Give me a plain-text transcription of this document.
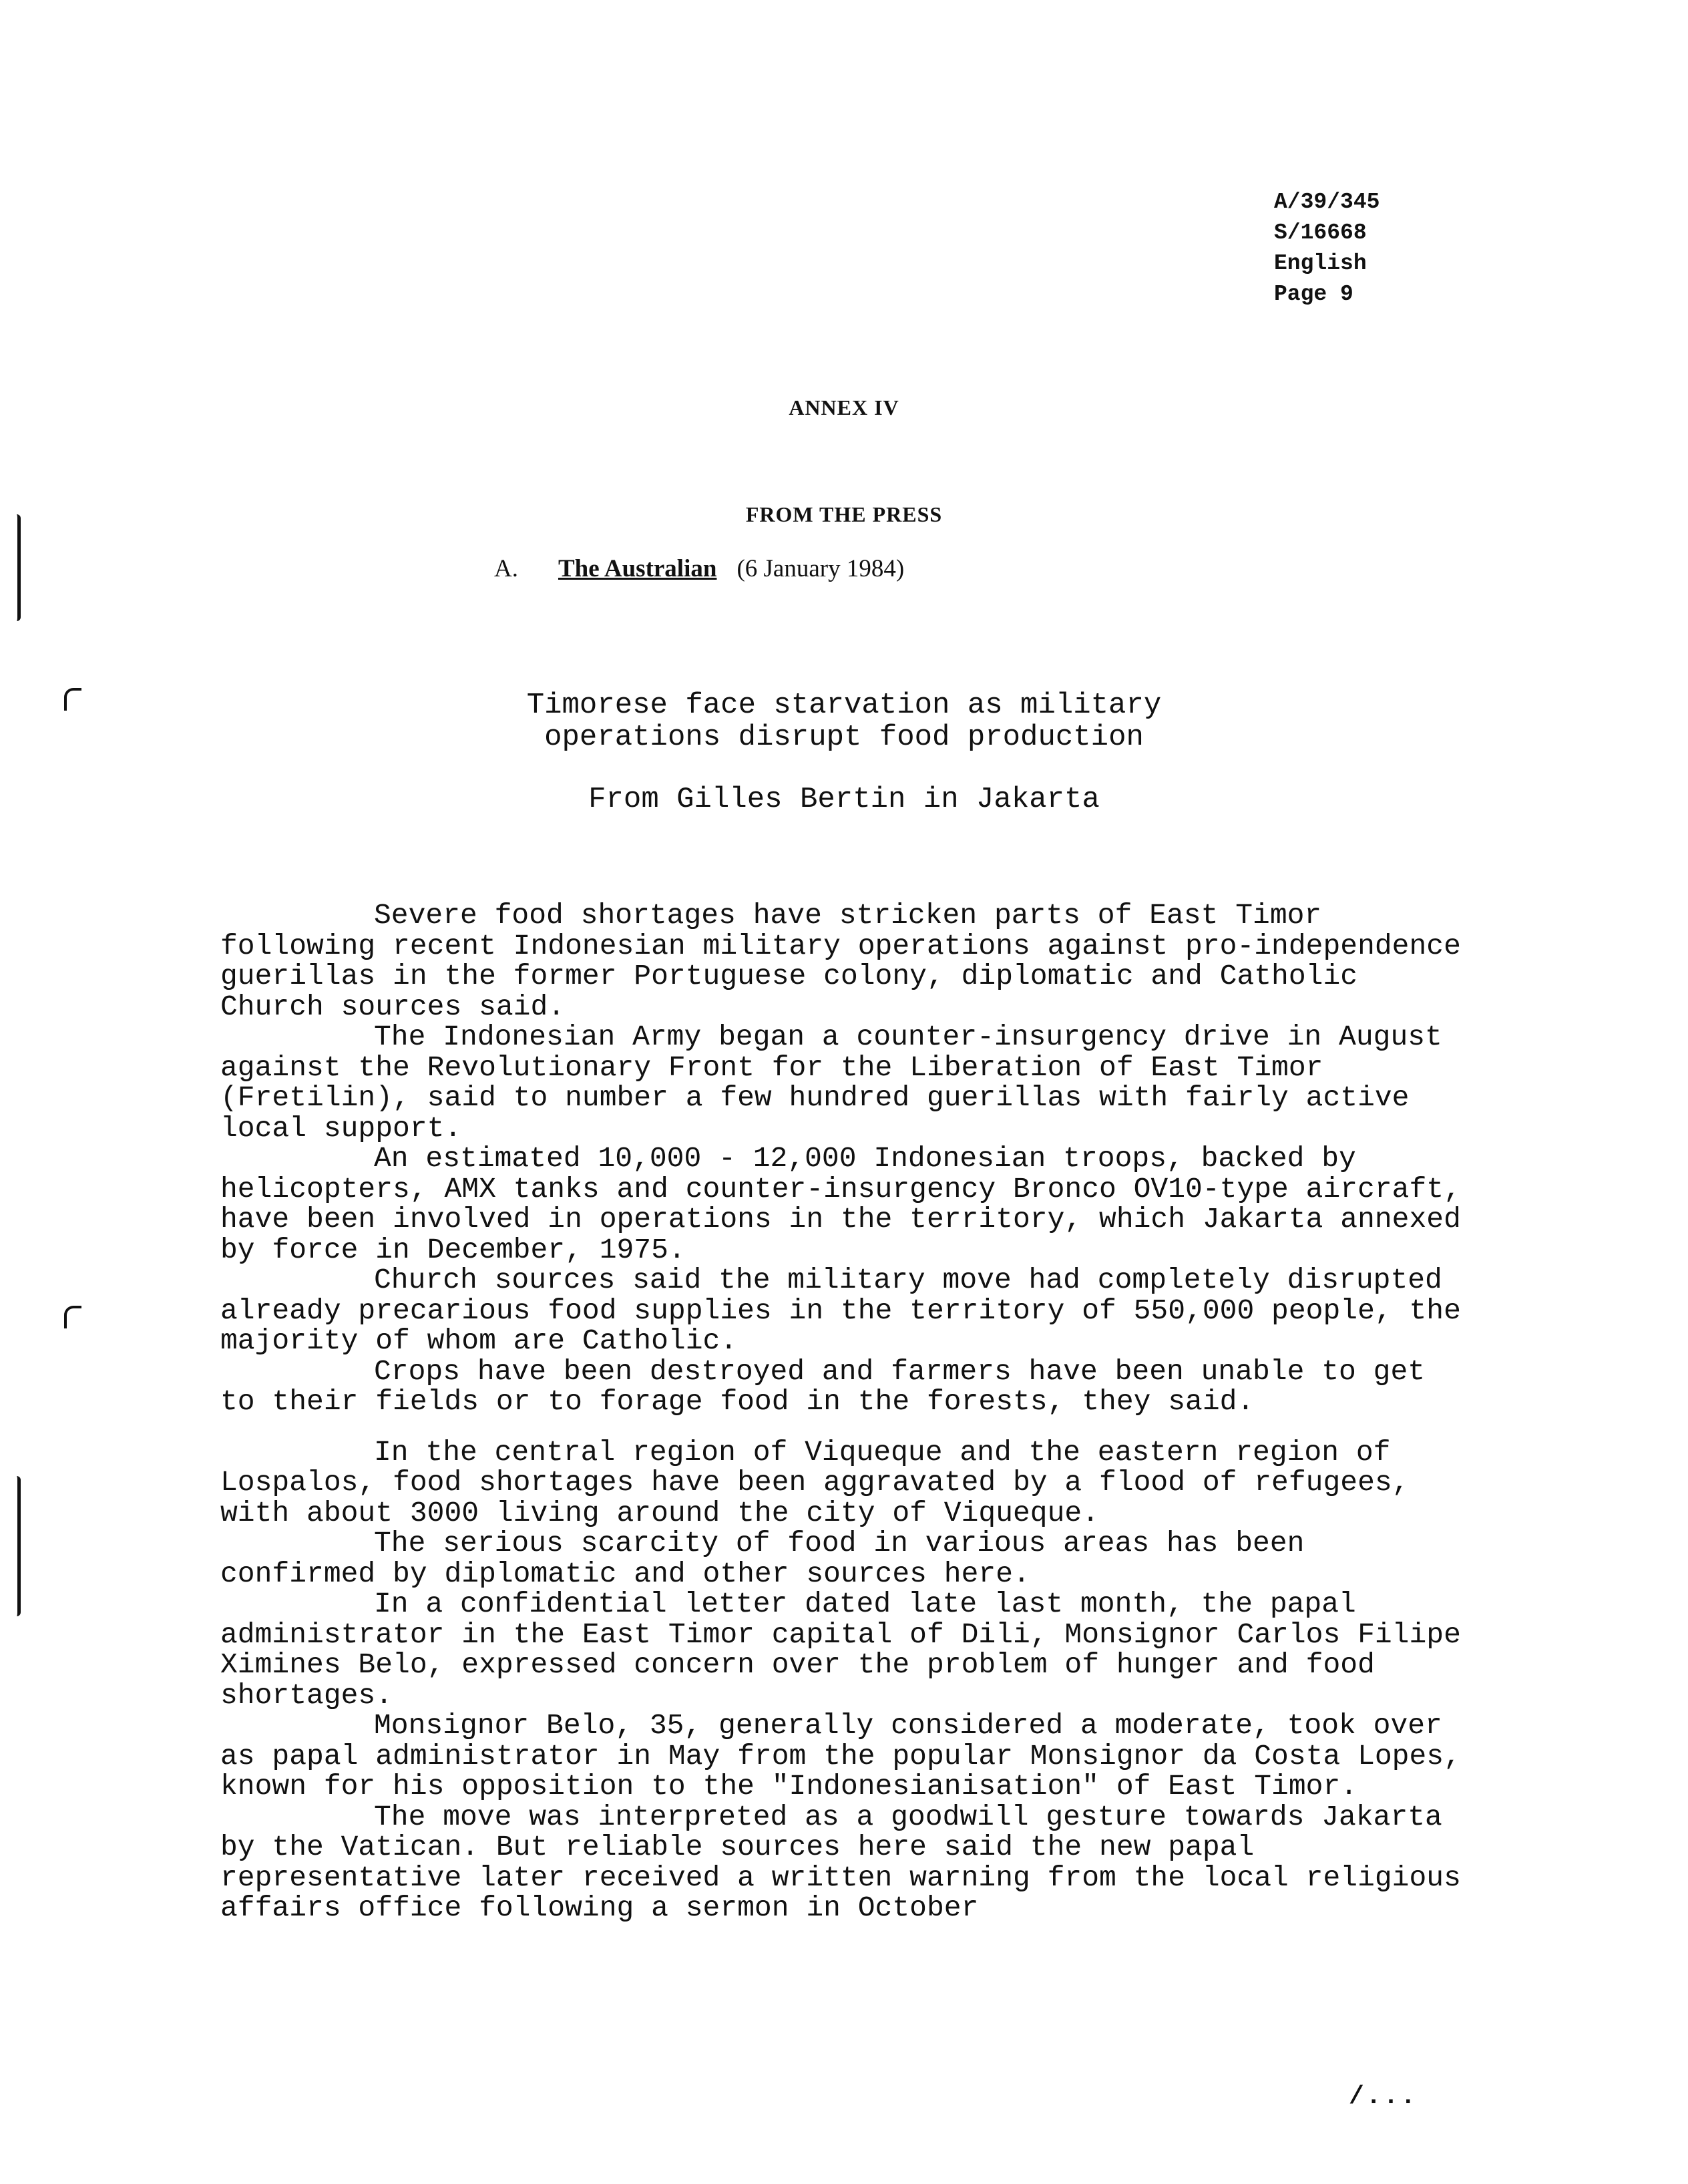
A/39/345
S/16668
English
Page 9
ANNEX IV
FROM THE PRESS
A. The Australian (6 January 1984)
Timorese face starvation as military
operations disrupt food production
From Gilles Bertin in Jakarta

Severe food shortages have stricken parts of East Timor following recent Indonesian military operations against pro-independence guerillas in the former Portuguese colony, diplomatic and Catholic Church sources said.

The Indonesian Army began a counter-insurgency drive in August against the Revolutionary Front for the Liberation of East Timor (Fretilin), said to number a few hundred guerillas with fairly active local support.

An estimated 10,000 - 12,000 Indonesian troops, backed by helicopters, AMX tanks and counter-insurgency Bronco OV10-type aircraft, have been involved in operations in the territory, which Jakarta annexed by force in December, 1975.

Church sources said the military move had completely disrupted already precarious food supplies in the territory of 550,000 people, the majority of whom are Catholic.

Crops have been destroyed and farmers have been unable to get to their fields or to forage food in the forests, they said.

In the central region of Viqueque and the eastern region of Lospalos, food shortages have been aggravated by a flood of refugees, with about 3000 living around the city of Viqueque.

The serious scarcity of food in various areas has been confirmed by diplomatic and other sources here.

In a confidential letter dated late last month, the papal administrator in the East Timor capital of Dili, Monsignor Carlos Filipe Ximines Belo, expressed concern over the problem of hunger and food shortages.

Monsignor Belo, 35, generally considered a moderate, took over as papal administrator in May from the popular Monsignor da Costa Lopes, known for his opposition to the "Indonesianisation" of East Timor.

The move was interpreted as a goodwill gesture towards Jakarta by the Vatican. But reliable sources here said the new papal representative later received a written warning from the local religious affairs office following a sermon in October

/...
